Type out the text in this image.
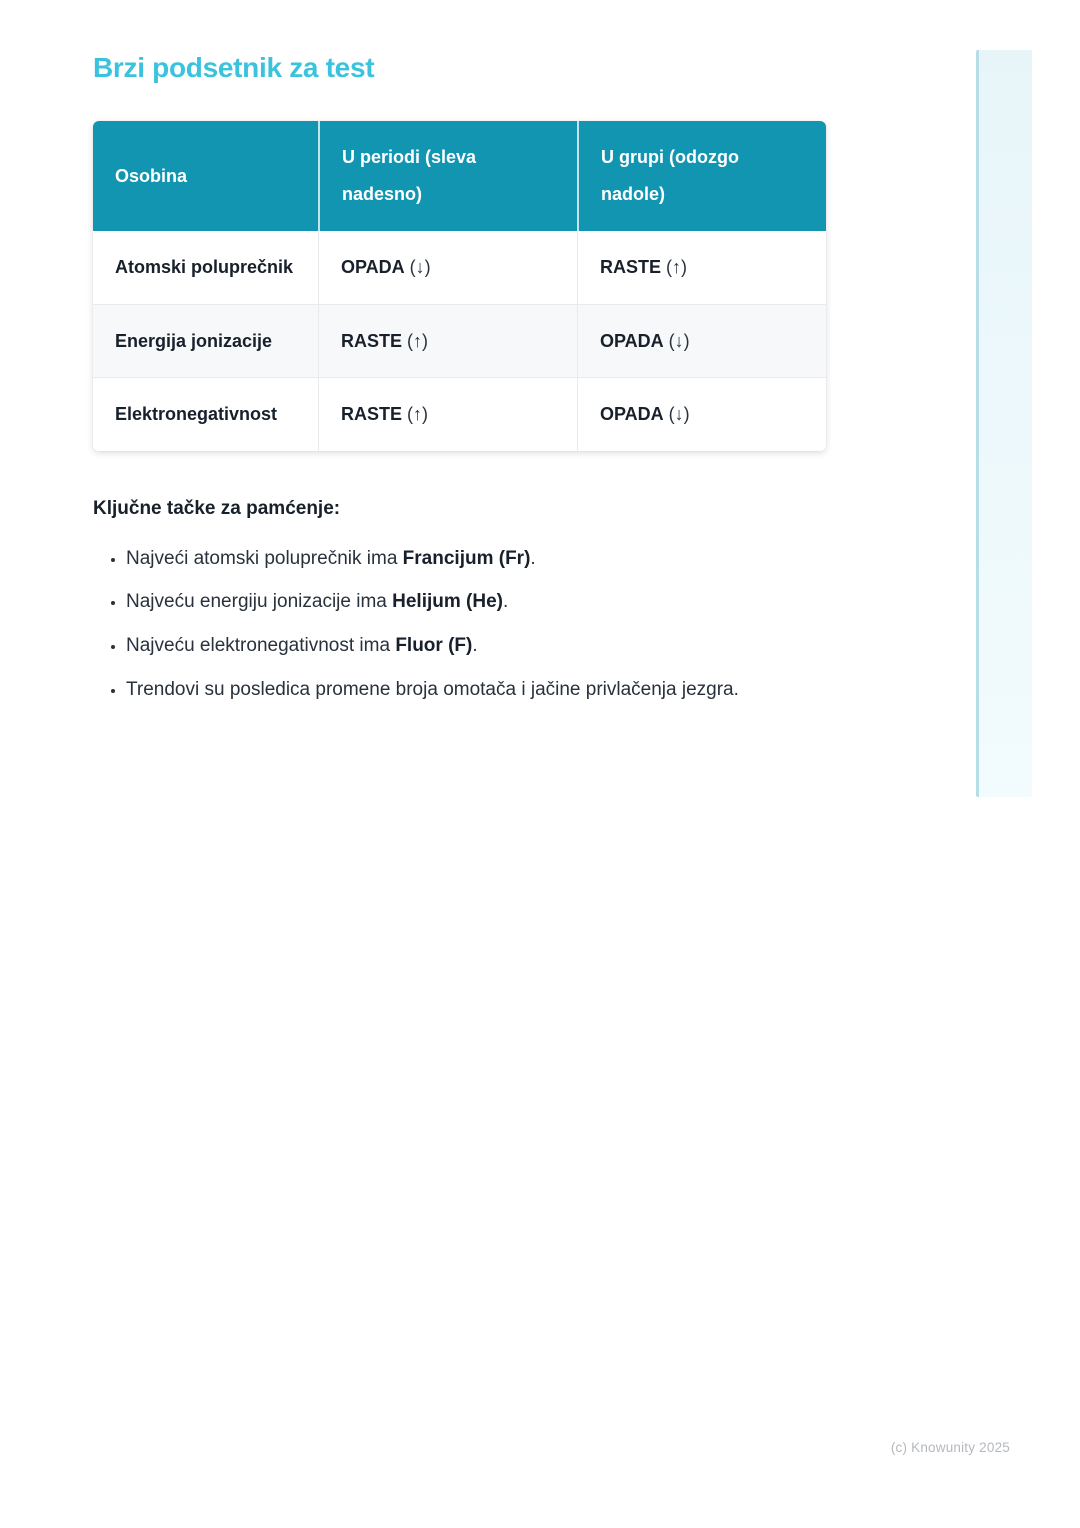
Brzi podsetnik za test
Osobina	U periodi (sleva nadesno)	U grupi (odozgo nadole)
Atomski poluprečnik	OPADA (↓)	RASTE (↑)
Energija jonizacije	RASTE (↑)	OPADA (↓)
Elektronegativnost	RASTE (↑)	OPADA (↓)

Ključne tačke za pamćenje:

• Najveći atomski poluprečnik ima Francijum (Fr).
• Najveću energiju jonizacije ima Helijum (He).
• Najveću elektronegativnost ima Fluor (F).
• Trendovi su posledica promene broja omotača i jačine privlačenja jezgra.
(c) Knowunity 2025
